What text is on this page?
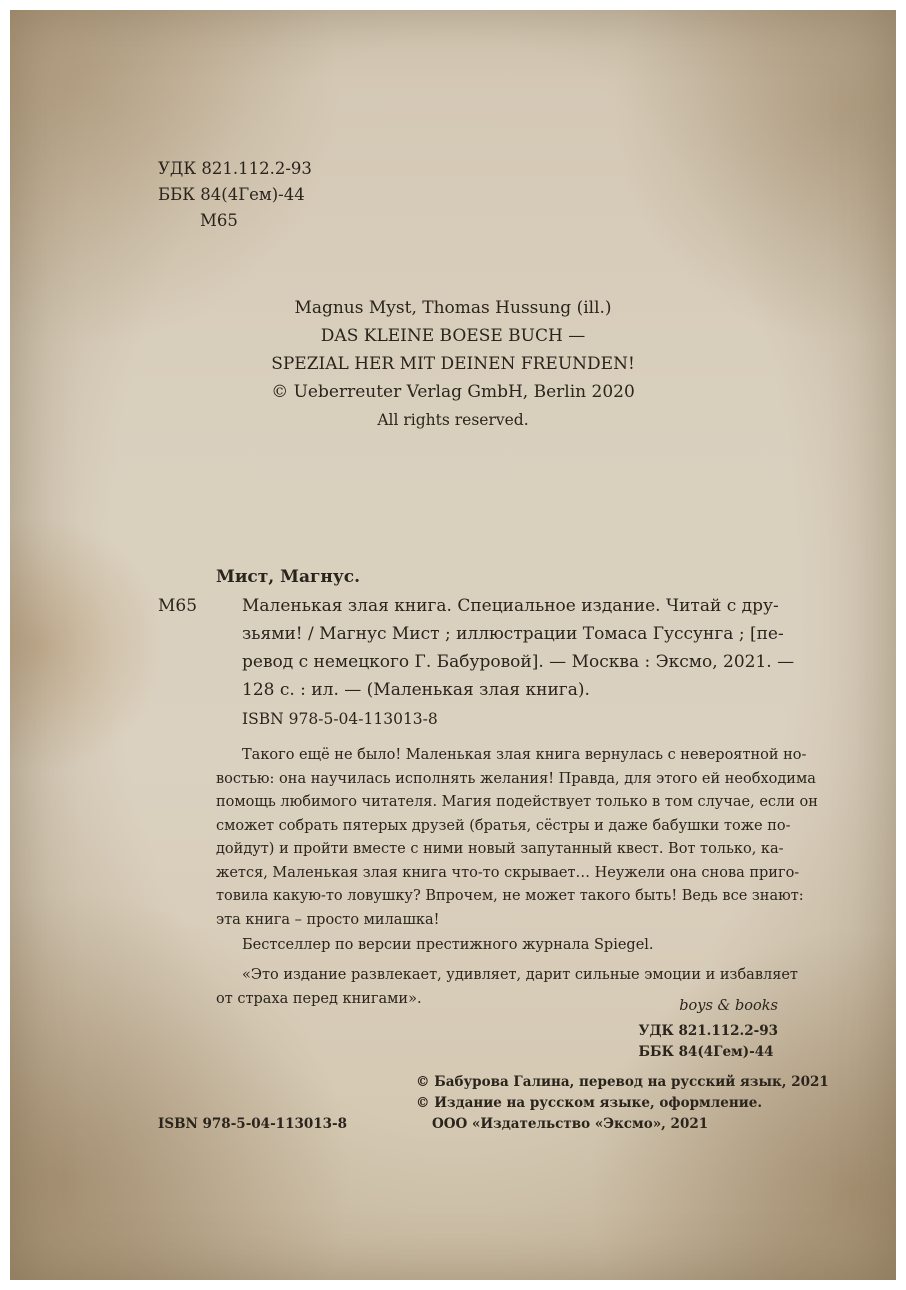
УДК 821.112.2-93
ББК 84(4Гем)-44
М65
Magnus Myst, Thomas Hussung (ill.)
DAS KLEINE BOESE BUCH —
SPEZIAL HER MIT DEINEN FREUNDEN!
© Ueberreuter Verlag GmbH, Berlin 2020
All rights reserved.
Мист, Магнус.
М65	Маленькая злая книга. Специальное издание. Читай с дру-
зьями! / Магнус Мист ; иллюстрации Томаса Гуссунга ; [пе-
ревод с немецкого Г. Бабуровой]. — Москва : Эксмо, 2021. —
128 с. : ил. — (Маленькая злая книга).
ISBN 978-5-04-113013-8
Такого ещё не было! Маленькая злая книга вернулась с невероятной но-
востью: она научилась исполнять желания! Правда, для этого ей необходима
помощь любимого читателя. Магия подействует только в том случае, если он
сможет собрать пятерых друзей (братья, сёстры и даже бабушки тоже по-
дойдут) и пройти вместе с ними новый запутанный квест. Вот только, ка-
жется, Маленькая злая книга что-то скрывает… Неужели она снова приго-
товила какую-то ловушку? Впрочем, не может такого быть! Ведь все знают:
эта книга – просто милашка!
Бестселлер по версии престижного журнала Spiegel.
«Это издание развлекает, удивляет, дарит сильные эмоции и избавляет
от страха перед книгами».	boys & books
УДК 821.112.2-93
ББК 84(4Гем)-44
© Бабурова Галина, перевод на русский язык, 2021
© Издание на русском языке, оформление.
ООО «Издательство «Эксмо», 2021
ISBN 978-5-04-113013-8
